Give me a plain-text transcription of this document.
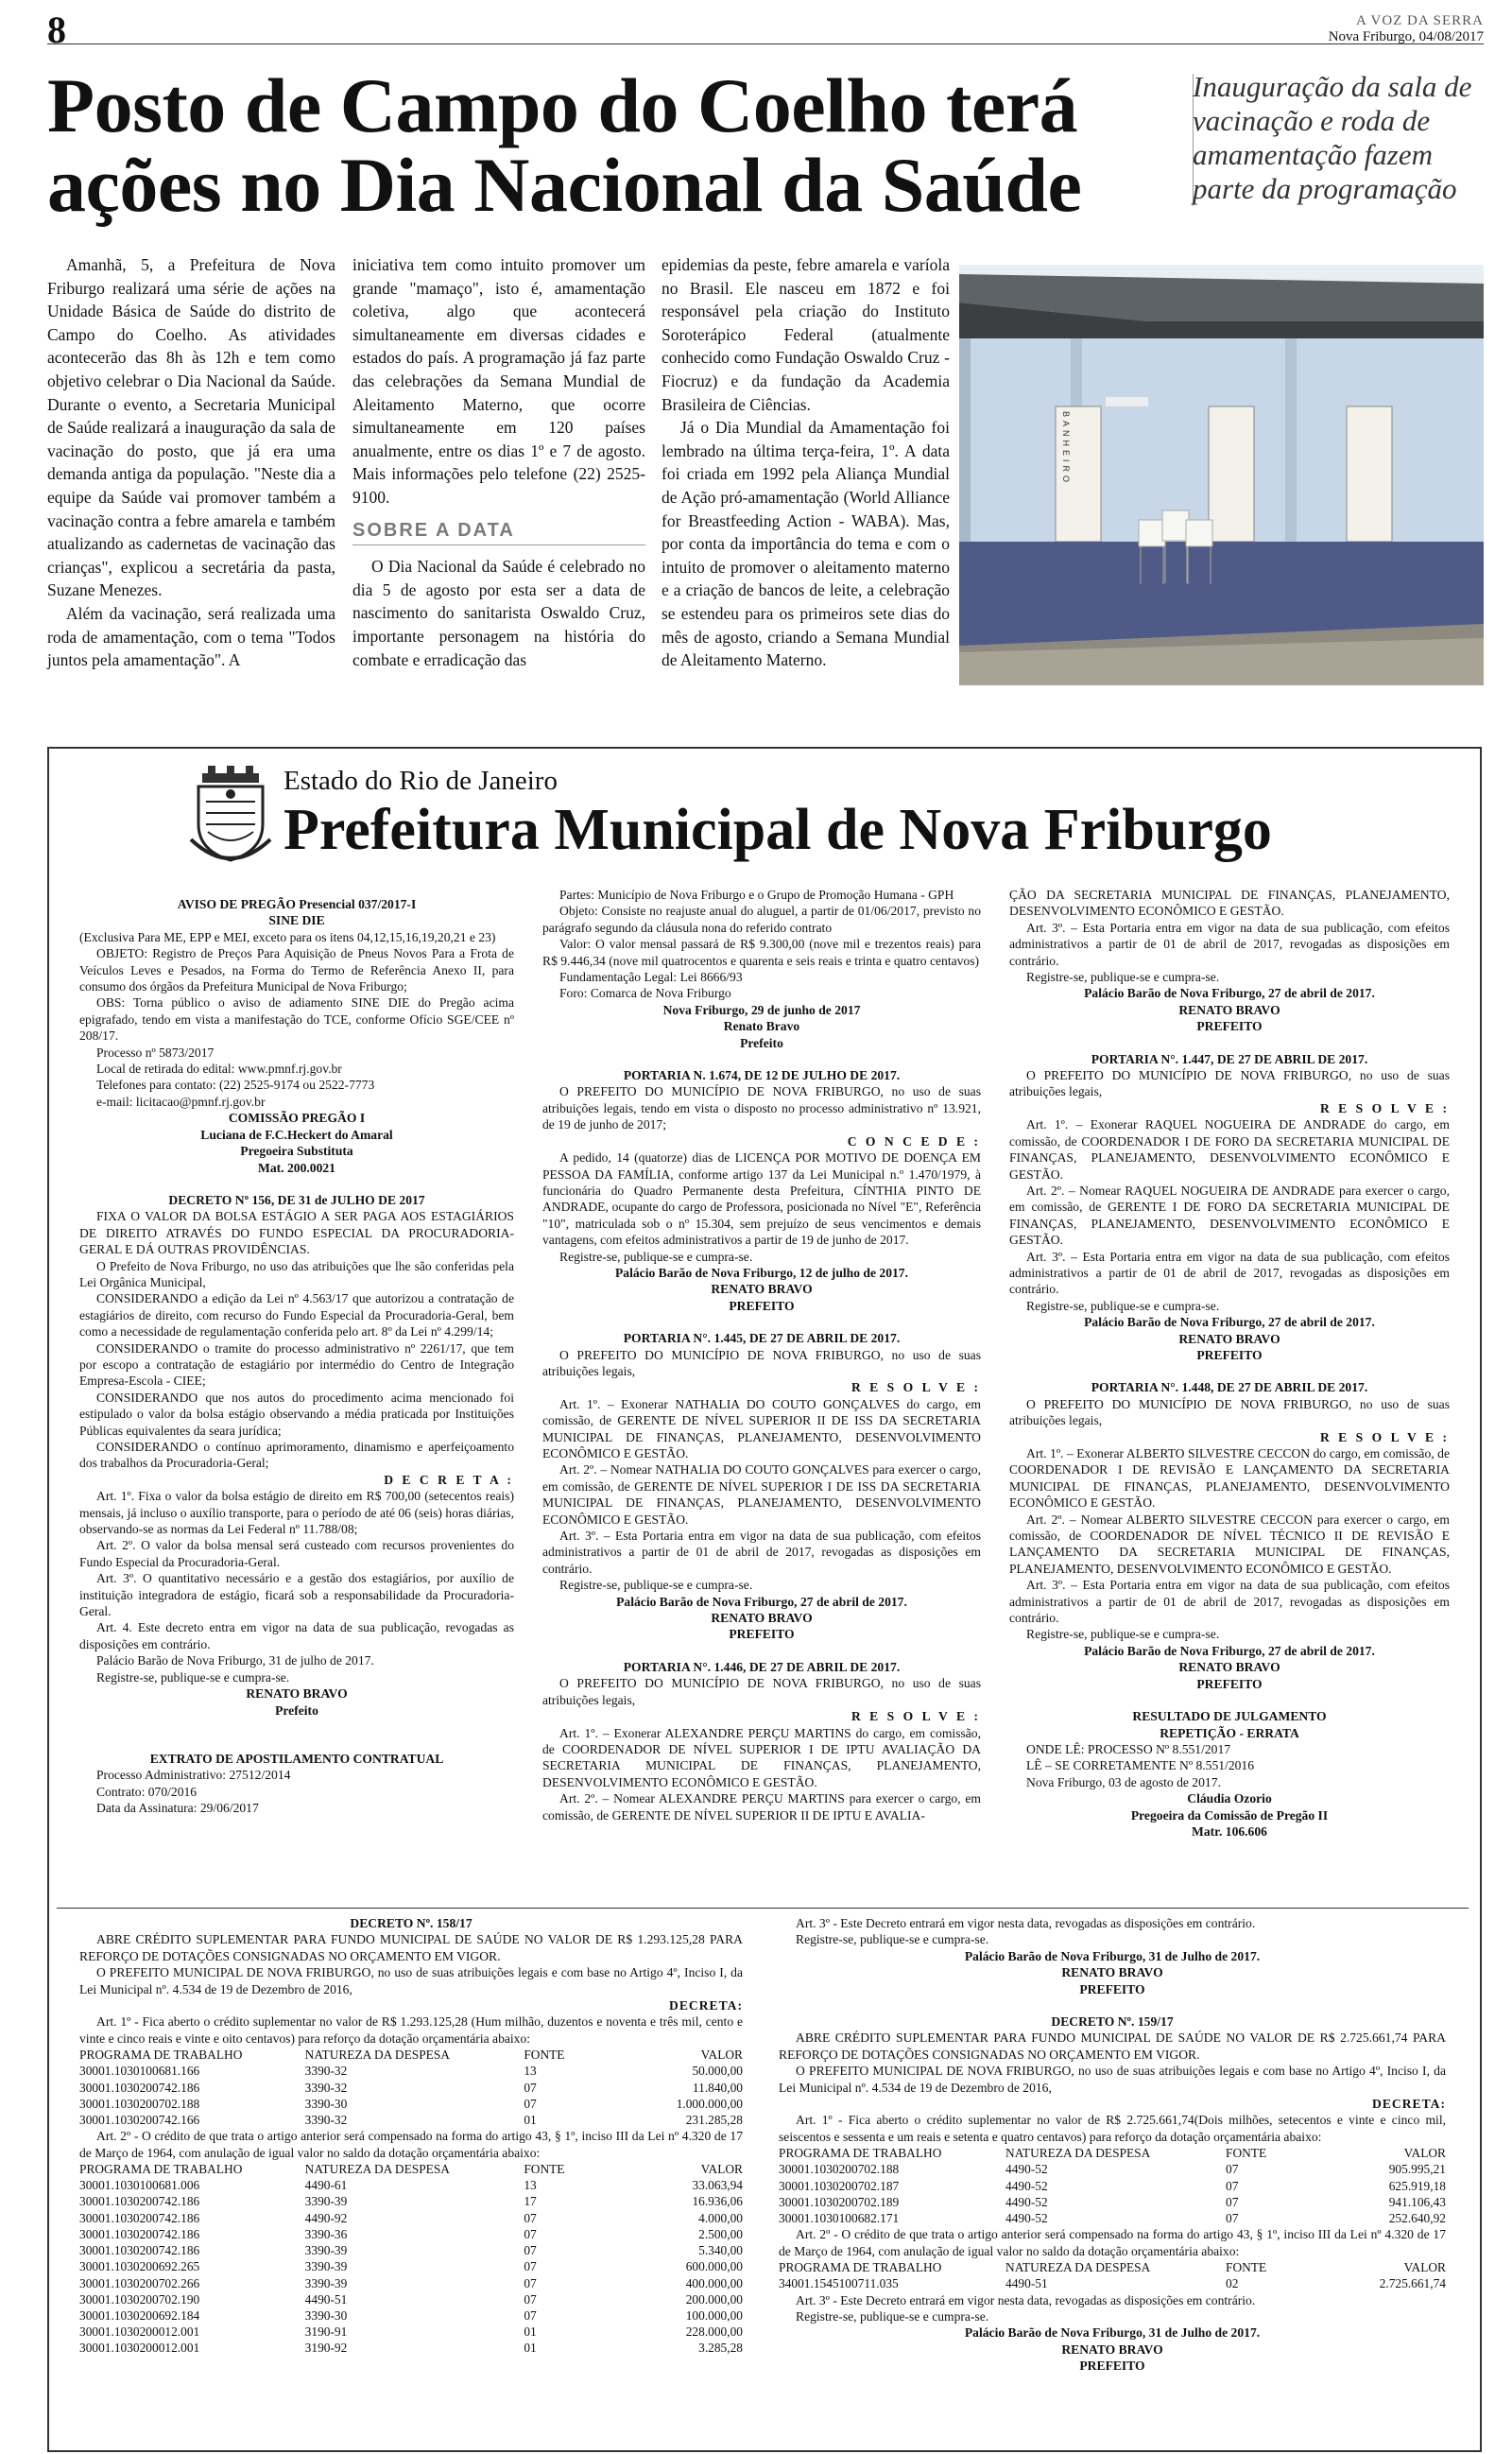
8	A VOZ DA SERRA
Nova Friburgo, 04/08/2017
Posto de Campo do Coelho terá ações no Dia Nacional da Saúde
Inauguração da sala de vacinação e roda de amamentação fazem parte da programação

Amanhã, 5, a Prefeitura de Nova Friburgo realizará uma série de ações na Unidade Básica de Saúde do distrito de Campo do Coelho. As atividades acontecerão das 8h às 12h e tem como objetivo celebrar o Dia Nacional da Saúde. Durante o evento, a Secretaria Municipal de Saúde realizará a inauguração da sala de vacinação do posto, que já era uma demanda antiga da população. "Neste dia a equipe da Saúde vai promover também a vacinação contra a febre amarela e também atualizando as cadernetas de vacinação das crianças", explicou a secretária da pasta, Suzane Menezes.

Além da vacinação, será realizada uma roda de amamentação, com o tema "Todos juntos pela amamentação". A

iniciativa tem como intuito promover um grande "mamaço", isto é, amamentação coletiva, algo que acontecerá simultaneamente em diversas cidades e estados do país. A programação já faz parte das celebrações da Semana Mundial de Aleitamento Materno, que ocorre simultaneamente em 120 países anualmente, entre os dias 1º e 7 de agosto. Mais informações pelo telefone (22) 2525-9100.

SOBRE A DATA

O Dia Nacional da Saúde é celebrado no dia 5 de agosto por esta ser a data de nascimento do sanitarista Oswaldo Cruz, importante personagem na história do combate e erradicação das

epidemias da peste, febre amarela e varíola no Brasil. Ele nasceu em 1872 e foi responsável pela criação do Instituto Soroterápico Federal (atualmente conhecido como Fundação Oswaldo Cruz - Fiocruz) e da fundação da Academia Brasileira de Ciências.

Já o Dia Mundial da Amamentação foi lembrado na última terça-feira, 1º. A data foi criada em 1992 pela Aliança Mundial de Ação pró-amamentação (World Alliance for Breastfeeding Action - WABA). Mas, por conta da importância do tema e com o intuito de promover o aleitamento materno e a criação de bancos de leite, a celebração se estendeu para os primeiros sete dias do mês de agosto, criando a Semana Mundial de Aleitamento Materno.

BANHEIRO
Estado do Rio de Janeiro
Prefeitura Municipal de Nova Friburgo

AVISO DE PREGÃO Presencial 037/2017-I

SINE DIE

(Exclusiva Para ME, EPP e MEI, exceto para os itens 04,12,15,16,19,20,21 e 23)

OBJETO: Registro de Preços Para Aquisição de Pneus Novos Para a Frota de Veículos Leves e Pesados, na Forma do Termo de Referência Anexo II, para consumo dos órgãos da Prefeitura Municipal de Nova Friburgo;

OBS: Torna público o aviso de adiamento SINE DIE do Pregão acima epigrafado, tendo em vista a manifestação do TCE, conforme Ofício SGE/CEE nº 208/17.

Processo nº 5873/2017

Local de retirada do edital: www.pmnf.rj.gov.br

Telefones para contato: (22) 2525-9174 ou 2522-7773

e-mail: licitacao@pmnf.rj.gov.br

COMISSÃO PREGÃO I

Luciana de F.C.Heckert do Amaral

Pregoeira Substituta

Mat. 200.0021

DECRETO Nº 156, DE 31 de JULHO DE 2017

FIXA O VALOR DA BOLSA ESTÁGIO A SER PAGA AOS ESTAGIÁRIOS DE DIREITO ATRAVÉS DO FUNDO ESPECIAL DA PROCURADORIA-GERAL E DÁ OUTRAS PROVIDÊNCIAS.

O Prefeito de Nova Friburgo, no uso das atribuições que lhe são conferidas pela Lei Orgânica Municipal,

CONSIDERANDO a edição da Lei nº 4.563/17 que autorizou a contratação de estagiários de direito, com recurso do Fundo Especial da Procuradoria-Geral, bem como a necessidade de regulamentação conferida pelo art. 8º da Lei nº 4.299/14;

CONSIDERANDO o tramite do processo administrativo nº 2261/17, que tem por escopo a contratação de estagiário por intermédio do Centro de Integração Empresa-Escola - CIEE;

CONSIDERANDO que nos autos do procedimento acima mencionado foi estipulado o valor da bolsa estágio observando a média praticada por Instituições Públicas equivalentes da seara jurídica;

CONSIDERANDO o contínuo aprimoramento, dinamismo e aperfeiçoamento dos trabalhos da Procuradoria-Geral;

D E C R E T A :

Art. 1º. Fixa o valor da bolsa estágio de direito em R$ 700,00 (setecentos reais) mensais, já incluso o auxílio transporte, para o período de até 06 (seis) horas diárias, observando-se as normas da Lei Federal nº 11.788/08;

Art. 2º. O valor da bolsa mensal será custeado com recursos provenientes do Fundo Especial da Procuradoria-Geral.

Art. 3º. O quantitativo necessário e a gestão dos estagiários, por auxílio de instituição integradora de estágio, ficará sob a responsabilidade da Procuradoria-Geral.

Art. 4. Este decreto entra em vigor na data de sua publicação, revogadas as disposições em contrário.

Palácio Barão de Nova Friburgo, 31 de julho de 2017.

Registre-se, publique-se e cumpra-se.

RENATO BRAVO

Prefeito

EXTRATO DE APOSTILAMENTO CONTRATUAL

Processo Administrativo: 27512/2014

Contrato: 070/2016

Data da Assinatura: 29/06/2017

Partes: Município de Nova Friburgo e o Grupo de Promoção Humana - GPH

Objeto: Consiste no reajuste anual do aluguel, a partir de 01/06/2017, previsto no parágrafo segundo da cláusula nona do referido contrato

Valor: O valor mensal passará de R$ 9.300,00 (nove mil e trezentos reais) para R$ 9.446,34 (nove mil quatrocentos e quarenta e seis reais e trinta e quatro centavos)

Fundamentação Legal: Lei 8666/93

Foro: Comarca de Nova Friburgo

Nova Friburgo, 29 de junho de 2017

Renato Bravo

Prefeito

PORTARIA N. 1.674, DE 12 DE JULHO DE 2017.

O PREFEITO DO MUNICÍPIO DE NOVA FRIBURGO, no uso de suas atribuições legais, tendo em vista o disposto no processo administrativo nº 13.921, de 19 de junho de 2017;

C O N C E D E :

A pedido, 14 (quatorze) dias de LICENÇA POR MOTIVO DE DOENÇA EM PESSOA DA FAMÍLIA, conforme artigo 137 da Lei Municipal n.º 1.470/1979, à funcionária do Quadro Permanente desta Prefeitura, CÍNTHIA PINTO DE ANDRADE, ocupante do cargo de Professora, posicionada no Nível "E", Referência "10", matriculada sob o nº 15.304, sem prejuízo de seus vencimentos e demais vantagens, com efeitos administrativos a partir de 19 de junho de 2017.

Registre-se, publique-se e cumpra-se.

Palácio Barão de Nova Friburgo, 12 de julho de 2017.

RENATO BRAVO

PREFEITO

PORTARIA N°. 1.445, DE 27 DE ABRIL DE 2017.

O PREFEITO DO MUNICÍPIO DE NOVA FRIBURGO, no uso de suas atribuições legais,

R E S O L V E :

Art. 1º. – Exonerar NATHALIA DO COUTO GONÇALVES do cargo, em comissão, de GERENTE DE NÍVEL SUPERIOR II DE ISS DA SECRETARIA MUNICIPAL DE FINANÇAS, PLANEJAMENTO, DESENVOLVIMENTO ECONÔMICO E GESTÃO.

Art. 2º. – Nomear NATHALIA DO COUTO GONÇALVES para exercer o cargo, em comissão, de GERENTE DE NÍVEL SUPERIOR I DE ISS DA SECRETARIA MUNICIPAL DE FINANÇAS, PLANEJAMENTO, DESENVOLVIMENTO ECONÔMICO E GESTÃO.

Art. 3º. – Esta Portaria entra em vigor na data de sua publicação, com efeitos administrativos a partir de 01 de abril de 2017, revogadas as disposições em contrário.

Registre-se, publique-se e cumpra-se.

Palácio Barão de Nova Friburgo, 27 de abril de 2017.

RENATO BRAVO

PREFEITO

PORTARIA N°. 1.446, DE 27 DE ABRIL DE 2017.

O PREFEITO DO MUNICÍPIO DE NOVA FRIBURGO, no uso de suas atribuições legais,

R E S O L V E :

Art. 1º. – Exonerar ALEXANDRE PERÇU MARTINS do cargo, em comissão, de COORDENADOR DE NÍVEL SUPERIOR I DE IPTU AVALIAÇÃO DA SECRETARIA MUNICIPAL DE FINANÇAS, PLANEJAMENTO, DESENVOLVIMENTO ECONÔMICO E GESTÃO.

Art. 2º. – Nomear ALEXANDRE PERÇU MARTINS para exercer o cargo, em comissão, de GERENTE DE NÍVEL SUPERIOR II DE IPTU E AVALIA-

ÇÃO DA SECRETARIA MUNICIPAL DE FINANÇAS, PLANEJAMENTO, DESENVOLVIMENTO ECONÔMICO E GESTÃO.

Art. 3º. – Esta Portaria entra em vigor na data de sua publicação, com efeitos administrativos a partir de 01 de abril de 2017, revogadas as disposições em contrário.

Registre-se, publique-se e cumpra-se.

Palácio Barão de Nova Friburgo, 27 de abril de 2017.

RENATO BRAVO

PREFEITO

PORTARIA N°. 1.447, DE 27 DE ABRIL DE 2017.

O PREFEITO DO MUNICÍPIO DE NOVA FRIBURGO, no uso de suas atribuições legais,

R E S O L V E :

Art. 1º. – Exonerar RAQUEL NOGUEIRA DE ANDRADE do cargo, em comissão, de COORDENADOR I DE FORO DA SECRETARIA MUNICIPAL DE FINANÇAS, PLANEJAMENTO, DESENVOLVIMENTO ECONÔMICO E GESTÃO.

Art. 2º. – Nomear RAQUEL NOGUEIRA DE ANDRADE para exercer o cargo, em comissão, de GERENTE I DE FORO DA SECRETARIA MUNICIPAL DE FINANÇAS, PLANEJAMENTO, DESENVOLVIMENTO ECONÔMICO E GESTÃO.

Art. 3º. – Esta Portaria entra em vigor na data de sua publicação, com efeitos administrativos a partir de 01 de abril de 2017, revogadas as disposições em contrário.

Registre-se, publique-se e cumpra-se.

Palácio Barão de Nova Friburgo, 27 de abril de 2017.

RENATO BRAVO

PREFEITO

PORTARIA N°. 1.448, DE 27 DE ABRIL DE 2017.

O PREFEITO DO MUNICÍPIO DE NOVA FRIBURGO, no uso de suas atribuições legais,

R E S O L V E :

Art. 1º. – Exonerar ALBERTO SILVESTRE CECCON do cargo, em comissão, de COORDENADOR I DE REVISÃO E LANÇAMENTO DA SECRETARIA MUNICIPAL DE FINANÇAS, PLANEJAMENTO, DESENVOLVIMENTO ECONÔMICO E GESTÃO.

Art. 2º. – Nomear ALBERTO SILVESTRE CECCON para exercer o cargo, em comissão, de COORDENADOR DE NÍVEL TÉCNICO II DE REVISÃO E LANÇAMENTO DA SECRETARIA MUNICIPAL DE FINANÇAS, PLANEJAMENTO, DESENVOLVIMENTO ECONÔMICO E GESTÃO.

Art. 3º. – Esta Portaria entra em vigor na data de sua publicação, com efeitos administrativos a partir de 01 de abril de 2017, revogadas as disposições em contrário.

Registre-se, publique-se e cumpra-se.

Palácio Barão de Nova Friburgo, 27 de abril de 2017.

RENATO BRAVO

PREFEITO

RESULTADO DE JULGAMENTO

REPETIÇÃO - ERRATA

ONDE LÊ: PROCESSO Nº 8.551/2017

LÊ – SE CORRETAMENTE Nº 8.551/2016

Nova Friburgo, 03 de agosto de 2017.

Cláudia Ozorio

Pregoeira da Comissão de Pregão II

Matr. 106.606

DECRETO Nº. 158/17

ABRE CRÉDITO SUPLEMENTAR PARA FUNDO MUNICIPAL DE SAÚDE NO VALOR DE R$ 1.293.125,28 PARA REFORÇO DE DOTAÇÕES CONSIGNADAS NO ORÇAMENTO EM VIGOR.

O PREFEITO MUNICIPAL DE NOVA FRIBURGO, no uso de suas atribuições legais e com base no Artigo 4º, Inciso I, da Lei Municipal nº. 4.534 de 19 de Dezembro de 2016,

DECRETA:

Art. 1º - Fica aberto o crédito suplementar no valor de R$ 1.293.125,28 (Hum milhão, duzentos e noventa e três mil, cento e vinte e cinco reais e vinte e oito centavos) para reforço da dotação orçamentária abaixo:

PROGRAMA DE TRABALHO	NATUREZA DA DESPESA	FONTE	VALOR
30001.1030100681.166	3390-32	13	50.000,00
30001.1030200742.186	3390-32	07	11.840,00
30001.1030200702.188	3390-30	07	1.000.000,00
30001.1030200742.166	3390-32	01	231.285,28

Art. 2º - O crédito de que trata o artigo anterior será compensado na forma do artigo 43, § 1º, inciso III da Lei nº 4.320 de 17 de Março de 1964, com anulação de igual valor no saldo da dotação orçamentária abaixo:

PROGRAMA DE TRABALHO	NATUREZA DA DESPESA	FONTE	VALOR
30001.1030100681.006	4490-61	13	33.063,94
30001.1030200742.186	3390-39	17	16.936,06
30001.1030200742.186	4490-92	07	4.000,00
30001.1030200742.186	3390-36	07	2.500,00
30001.1030200742.186	3390-39	07	5.340,00
30001.1030200692.265	3390-39	07	600.000,00
30001.1030200702.266	3390-39	07	400.000,00
30001.1030200702.190	4490-51	07	200.000,00
30001.1030200692.184	3390-30	07	100.000,00
30001.1030200012.001	3190-91	01	228.000,00
30001.1030200012.001	3190-92	01	3.285,28

Art. 3º - Este Decreto entrará em vigor nesta data, revogadas as disposições em contrário.

Registre-se, publique-se e cumpra-se.

Palácio Barão de Nova Friburgo, 31 de Julho de 2017.

RENATO BRAVO

PREFEITO

DECRETO Nº. 159/17

ABRE CRÉDITO SUPLEMENTAR PARA FUNDO MUNICIPAL DE SAÚDE NO VALOR DE R$ 2.725.661,74 PARA REFORÇO DE DOTAÇÕES CONSIGNADAS NO ORÇAMENTO EM VIGOR.

O PREFEITO MUNICIPAL DE NOVA FRIBURGO, no uso de suas atribuições legais e com base no Artigo 4º, Inciso I, da Lei Municipal nº. 4.534 de 19 de Dezembro de 2016,

DECRETA:

Art. 1º - Fica aberto o crédito suplementar no valor de R$ 2.725.661,74(Dois milhões, setecentos e vinte e cinco mil, seiscentos e sessenta e um reais e setenta e quatro centavos) para reforço da dotação orçamentária abaixo:

PROGRAMA DE TRABALHO	NATUREZA DA DESPESA	FONTE	VALOR
30001.1030200702.188	4490-52	07	905.995,21
30001.1030200702.187	4490-52	07	625.919,18
30001.1030200702.189	4490-52	07	941.106,43
30001.1030100682.171	4490-52	07	252.640,92

Art. 2º - O crédito de que trata o artigo anterior será compensado na forma do artigo 43, § 1º, inciso III da Lei nº 4.320 de 17 de Março de 1964, com anulação de igual valor no saldo da dotação orçamentária abaixo:

PROGRAMA DE TRABALHO	NATUREZA DA DESPESA	FONTE	VALOR
34001.1545100711.035	4490-51	02	2.725.661,74

Art. 3º - Este Decreto entrará em vigor nesta data, revogadas as disposições em contrário.

Registre-se, publique-se e cumpra-se.

Palácio Barão de Nova Friburgo, 31 de Julho de 2017.

RENATO BRAVO

PREFEITO
